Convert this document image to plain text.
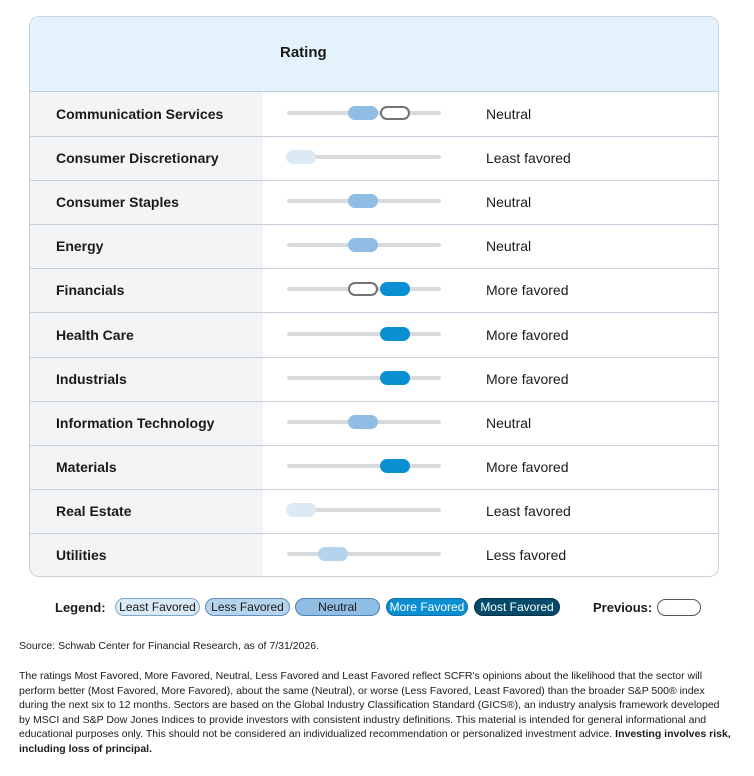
Rating
Communication Services	Neutral
Consumer Discretionary	Least favored
Consumer Staples	Neutral
Energy	Neutral
Financials	More favored
Health Care	More favored
Industrials	More favored
Information Technology	Neutral
Materials	More favored
Real Estate	Least favored
Utilities	Less favored
Legend:	Least Favored	Less Favored	Neutral	More Favored	Most Favored	Previous:
Source: Schwab Center for Financial Research, as of 7/31/2026.
The ratings Most Favored, More Favored, Neutral, Less Favored and Least Favored reflect SCFR's opinions about the likelihood that the sector will perform better (Most Favored, More Favored), about the same (Neutral), or worse (Less Favored, Least Favored) than the broader S&P 500® index during the next six to 12 months. Sectors are based on the Global Industry Classification Standard (GICS®), an industry analysis framework developed by MSCI and S&P Dow Jones Indices to provide investors with consistent industry definitions. This material is intended for general informational and educational purposes only. This should not be considered an individualized recommendation or personalized investment advice. Investing involves risk, including loss of principal.
